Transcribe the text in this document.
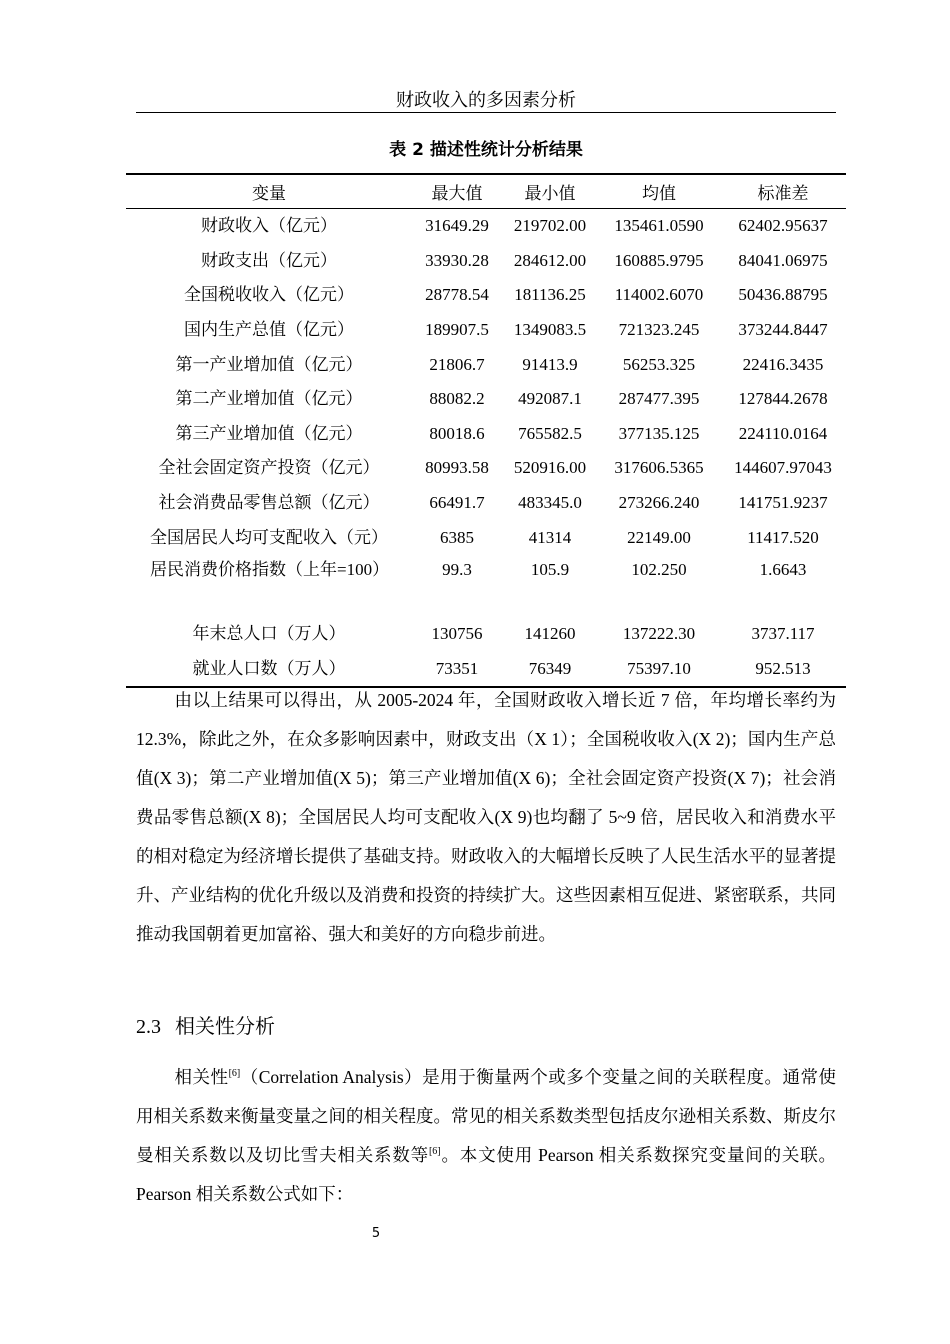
财政收入的多因素分析
表 2 描述性统计分析结果
变量	最大值	最小值	均值	标准差
财政收入（亿元）	31649.29	219702.00	135461.0590	62402.95637
财政支出（亿元）	33930.28	284612.00	160885.9795	84041.06975
全国税收收入（亿元）	28778.54	181136.25	114002.6070	50436.88795
国内生产总值（亿元）	189907.5	1349083.5	721323.245	373244.8447
第一产业增加值（亿元）	21806.7	91413.9	56253.325	22416.3435
第二产业增加值（亿元）	88082.2	492087.1	287477.395	127844.2678
第三产业增加值（亿元）	80018.6	765582.5	377135.125	224110.0164
全社会固定资产投资（亿元）	80993.58	520916.00	317606.5365	144607.97043
社会消费品零售总额（亿元）	66491.7	483345.0	273266.240	141751.9237
全国居民人均可支配收入（元）	6385	41314	22149.00	11417.520
居民消费价格指数（上年=100）	99.3	105.9	102.250	1.6643
年末总人口（万人）	130756	141260	137222.30	3737.117
就业人口数（万人）	73351	76349	75397.10	952.513

由以上结果可以得出，从 2005-2024 年，全国财政收入增长近 7 倍，年均增长率约为 12.3%，除此之外，在众多影响因素中，财政支出（X 1）；全国税收收入(X 2)；国内生产总值(X 3)；第二产业增加值(X 5)；第三产业增加值(X 6)；全社会固定资产投资(X 7)；社会消费品零售总额(X 8)；全国居民人均可支配收入(X 9)也均翻了 5~9 倍，居民收入和消费水平的相对稳定为经济增长提供了基础支持。财政收入的大幅增长反映了人民生活水平的显著提升、产业结构的优化升级以及消费和投资的持续扩大。这些因素相互促进、紧密联系，共同推动我国朝着更加富裕、强大和美好的方向稳步前进。

2.3 相关性分析

相关性[6]（Correlation Analysis）是用于衡量两个或多个变量之间的关联程度。通常使用相关系数来衡量变量之间的相关程度。常见的相关系数类型包括皮尔逊相关系数、斯皮尔曼相关系数以及切比雪夫相关系数等[6]。本文使用 Pearson 相关系数探究变量间的关联。Pearson 相关系数公式如下：

5
